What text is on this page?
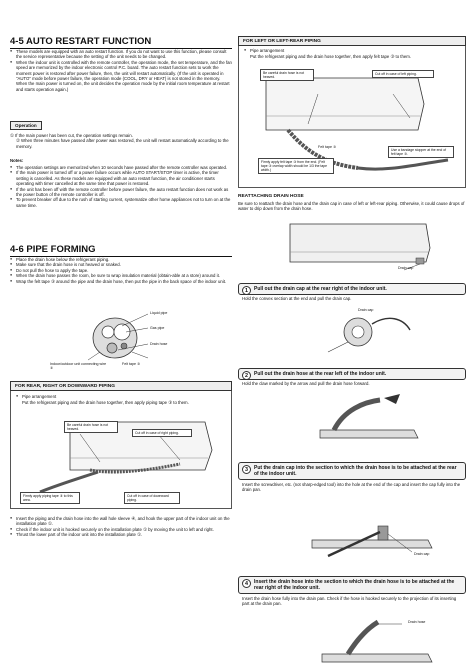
4-5 AUTO RESTART FUNCTION
● These models are equipped with an auto restart function. If you do not want to use this function, please consult the service representative because the setting of the unit needs to be changed.
● When the indoor unit is controlled with the remote controller, the operation mode, the set temperature, and the fan speed are memorized by the indoor electronic control P.C. board. The auto restart function sets to work the moment power is restored after power failure, then, the unit will restart automatically. (If the unit is operated in "AUTO" mode before power failure, the operation mode (COOL, DRY or HEAT) is not stored in the memory. When the main power is turned on, the unit decides the operation mode by the initial room temperature at restart and starts operation again.)
Operation
① If the main power has been cut, the operation settings remain.
② When three minutes have passed after power was restored, the unit will restart automatically according to the memory.
Notes:
● The operation settings are memorized when 10 seconds have passed after the remote controller was operated.
● If the main power is turned off or a power failure occurs while AUTO START/STOP timer is active, the timer setting is cancelled. As these models are equipped with an auto restart function, the air conditioner starts operating with timer cancelled at the same time that power is restored.
● If the unit has been off with the remote controller before power failure, the auto restart function does not work as the power button of the remote controller is off.
● To prevent breaker off due to the rush of starting current, systematize other home appliances not to turn on at the same time.
4-6 PIPE FORMING
● Place the drain hose below the refrigerant piping.
● Make sure that the drain hose is not heaved or snaked.
● Do not pull the hose to apply the tape.
● When the drain hose passes the room, be sure to wrap insulation material (obtain-able at a store) around it.
● Wrap the felt tape ③ around the pipe and the drain hose, then put the pipe in the back space of the indoor unit.
Liquid pipe
Gas pipe
Drain hose
Felt tape ③
Indoor/outdoor unit connecting wire ②
FOR REAR, RIGHT OR DOWNWARD PIPING
● Pipe arrangement
Put the refrigerant piping and the drain hose together, then apply piping tape ③ to them.
Be careful drain hose is not heaved.
Cut off in case of right piping.
Firmly apply piping tape ③ to this area.
Cut off in case of downward piping.
● Insert the piping and the drain hose into the wall hole sleeve ④, and hook the upper part of the indoor unit on the installation plate ①.
● Check if the indoor unit is hooked securely on the installation plate ① by moving the unit to left and right.
● Thrust the lower part of the indoor unit into the installation plate ①.
FOR LEFT OR LEFT-REAR PIPING
● Pipe arrangement
Put the refrigerant piping and the drain hose together, then apply felt tape ③ to them.
Be careful drain hose is not heaved.
Cut off in case of left piping.
Felt tape ③
Firmly apply felt tape ③ from the end. (Felt tape ③ overlap width should be 1/3 the tape width.)
Use a bandage stopper at the end of felt tape ③.
REATTACHING DRAIN HOSE
Be sure to reattach the drain hose and the drain cap in case of left or left-rear piping. Otherwise, it could cause drops of water to drip down from the drain hose.
Drain cap
1	Pull out the drain cap at the rear right of the indoor unit.
Hold the convex section at the end and pull the drain cap.
Drain cap
2	Pull out the drain hose at the rear left of the indoor unit.
Hold the claw marked by the arrow and pull the drain hose forward.
3	Put the drain cap into the section to which the drain hose is to be attached at the rear of the indoor unit.
Insert the screwdriver, etc. (not sharp-edged tool) into the hole at the end of the cap and insert the cap fully into the drain pan.
Drain cap
4	Insert the drain hose into the section to which the drain hose is to be attached at the rear right of the indoor unit.
Insert the drain hose fully into the drain pan. Check if the hose is hooked securely to the projection of its inserting part at the drain pan.
Drain hose
